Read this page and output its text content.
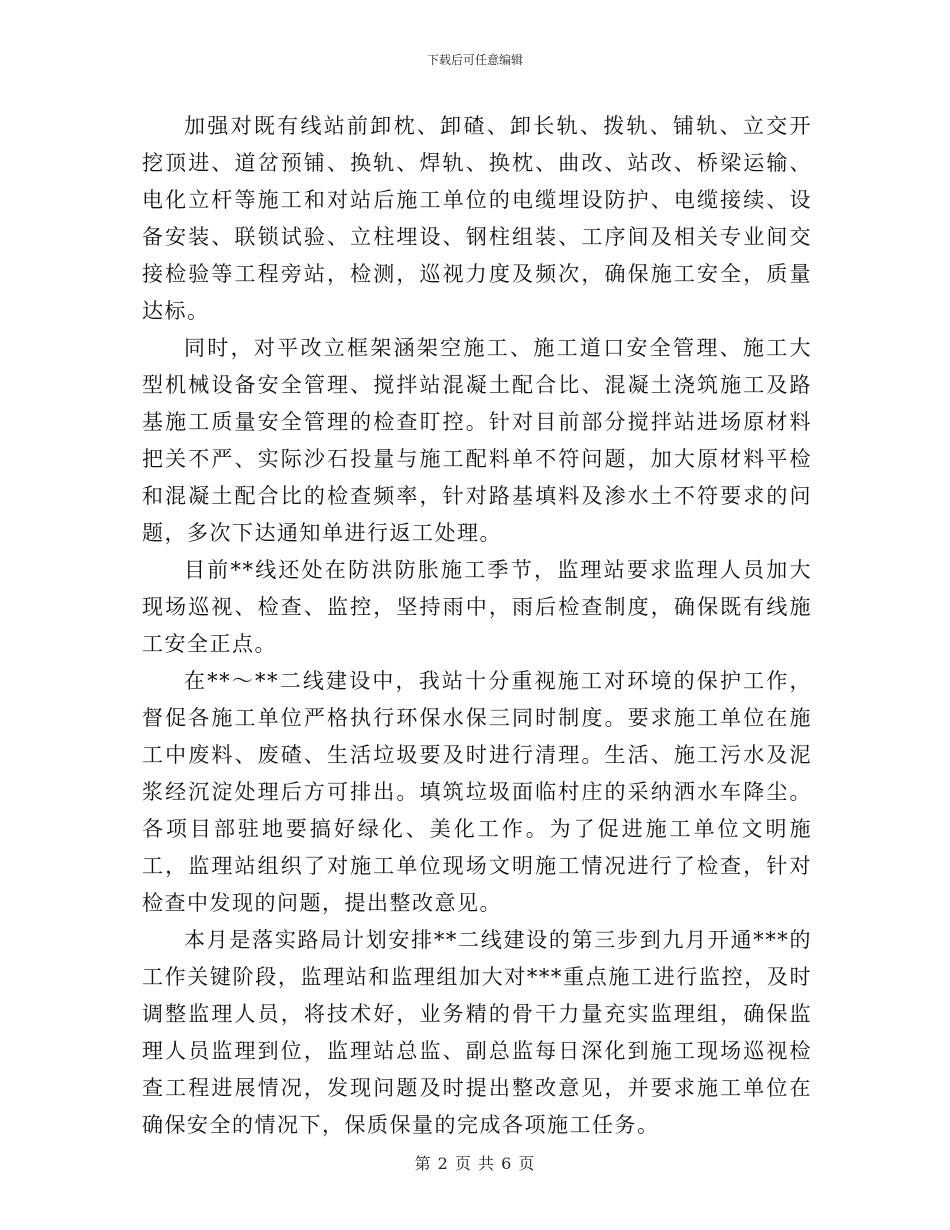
下载后可任意编辑

加强对既有线站前卸枕、卸碴、卸长轨、拨轨、铺轨、立交开挖顶进、道岔预铺、换轨、焊轨、换枕、曲改、站改、桥梁运输、电化立杆等施工和对站后施工单位的电缆埋设防护、电缆接续、设备安装、联锁试验、立柱埋设、钢柱组装、工序间及相关专业间交接检验等工程旁站，检测，巡视力度及频次，确保施工安全，质量达标。

同时，对平改立框架涵架空施工、施工道口安全管理、施工大型机械设备安全管理、搅拌站混凝土配合比、混凝土浇筑施工及路基施工质量安全管理的检查盯控。针对目前部分搅拌站进场原材料把关不严、实际沙石投量与施工配料单不符问题，加大原材料平检和混凝土配合比的检查频率，针对路基填料及渗水土不符要求的问题，多次下达通知单进行返工处理。

目前**线还处在防洪防胀施工季节，监理站要求监理人员加大现场巡视、检查、监控，坚持雨中，雨后检查制度，确保既有线施工安全正点。

在**～**二线建设中，我站十分重视施工对环境的保护工作，督促各施工单位严格执行环保水保三同时制度。要求施工单位在施工中废料、废碴、生活垃圾要及时进行清理。生活、施工污水及泥浆经沉淀处理后方可排出。填筑垃圾面临村庄的采纳洒水车降尘。各项目部驻地要搞好绿化、美化工作。为了促进施工单位文明施工，监理站组织了对施工单位现场文明施工情况进行了检查，针对检查中发现的问题，提出整改意见。

本月是落实路局计划安排**二线建设的第三步到九月开通***的工作关键阶段，监理站和监理组加大对***重点施工进行监控，及时调整监理人员，将技术好，业务精的骨干力量充实监理组，确保监理人员监理到位，监理站总监、副总监每日深化到施工现场巡视检查工程进展情况，发现问题及时提出整改意见，并要求施工单位在确保安全的情况下，保质保量的完成各项施工任务。

第 2 页 共 6 页
